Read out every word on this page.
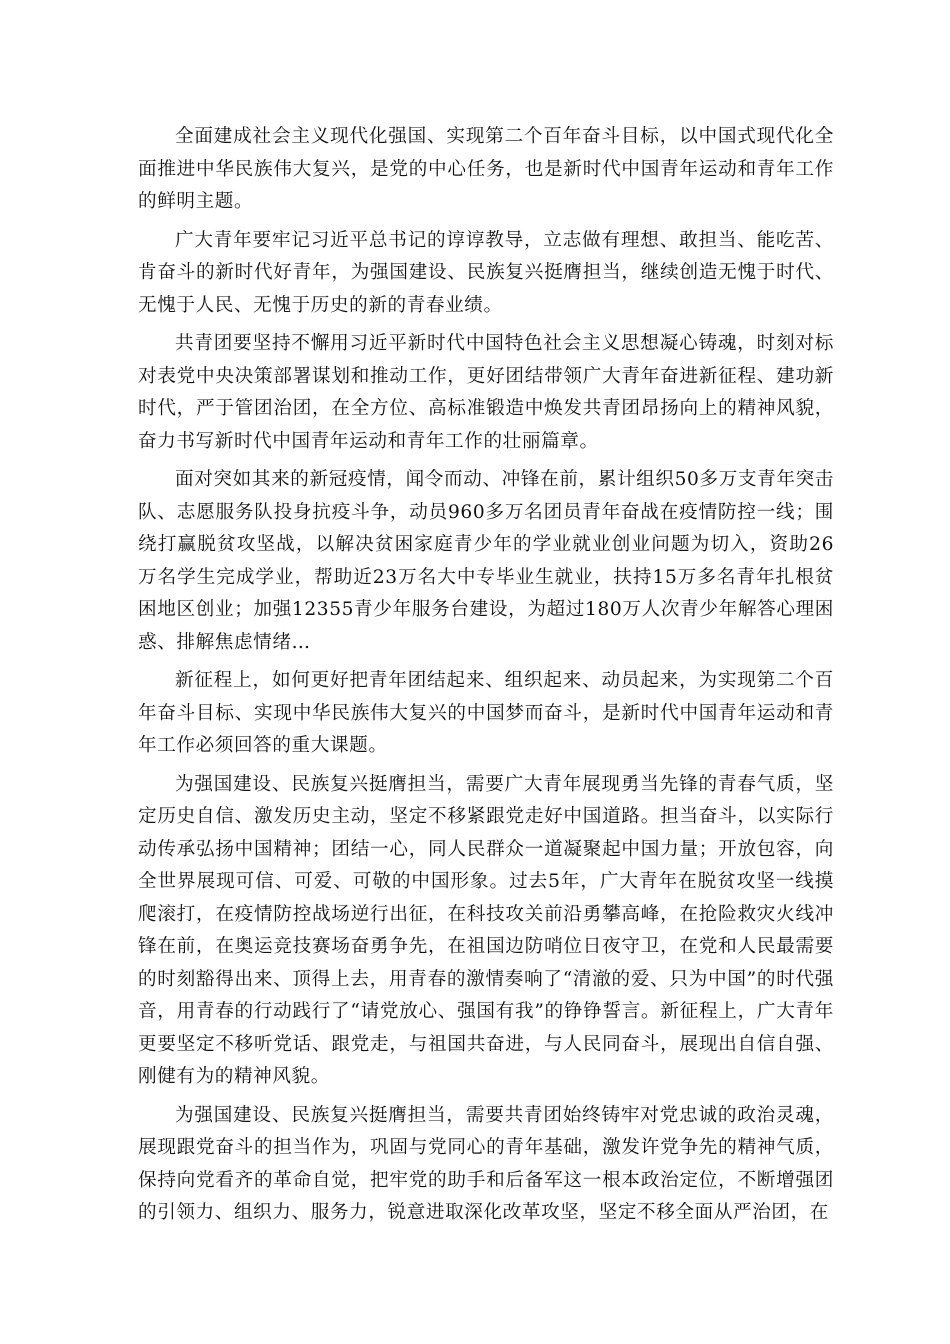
全面建成社会主义现代化强国、实现第二个百年奋斗目标，以中国式现代化全面推进中华民族伟大复兴，是党的中心任务，也是新时代中国青年运动和青年工作的鲜明主题。

广大青年要牢记习近平总书记的谆谆教导，立志做有理想、敢担当、能吃苦、肯奋斗的新时代好青年，为强国建设、民族复兴挺膺担当，继续创造无愧于时代、无愧于人民、无愧于历史的新的青春业绩。

共青团要坚持不懈用习近平新时代中国特色社会主义思想凝心铸魂，时刻对标对表党中央决策部署谋划和推动工作，更好团结带领广大青年奋进新征程、建功新时代，严于管团治团，在全方位、高标准锻造中焕发共青团昂扬向上的精神风貌，奋力书写新时代中国青年运动和青年工作的壮丽篇章。

面对突如其来的新冠疫情，闻令而动、冲锋在前，累计组织50多万支青年突击队、志愿服务队投身抗疫斗争，动员960多万名团员青年奋战在疫情防控一线；围绕打赢脱贫攻坚战，以解决贫困家庭青少年的学业就业创业问题为切入，资助26万名学生完成学业，帮助近23万名大中专毕业生就业，扶持15万多名青年扎根贫困地区创业；加强12355青少年服务台建设，为超过180万人次青少年解答心理困惑、排解焦虑情绪…

新征程上，如何更好把青年团结起来、组织起来、动员起来，为实现第二个百年奋斗目标、实现中华民族伟大复兴的中国梦而奋斗，是新时代中国青年运动和青年工作必须回答的重大课题。

为强国建设、民族复兴挺膺担当，需要广大青年展现勇当先锋的青春气质，坚定历史自信、激发历史主动，坚定不移紧跟党走好中国道路。担当奋斗，以实际行动传承弘扬中国精神；团结一心，同人民群众一道凝聚起中国力量；开放包容，向全世界展现可信、可爱、可敬的中国形象。过去5年，广大青年在脱贫攻坚一线摸爬滚打，在疫情防控战场逆行出征，在科技攻关前沿勇攀高峰，在抢险救灾火线冲锋在前，在奥运竞技赛场奋勇争先，在祖国边防哨位日夜守卫，在党和人民最需要的时刻豁得出来、顶得上去，用青春的激情奏响了“清澈的爱、只为中国”的时代强音，用青春的行动践行了“请党放心、强国有我”的铮铮誓言。新征程上，广大青年更要坚定不移听党话、跟党走，与祖国共奋进，与人民同奋斗，展现出自信自强、刚健有为的精神风貌。

为强国建设、民族复兴挺膺担当，需要共青团始终铸牢对党忠诚的政治灵魂，展现跟党奋斗的担当作为，巩固与党同心的青年基础，激发许党争先的精神气质，保持向党看齐的革命自觉，把牢党的助手和后备军这一根本政治定位，不断增强团的引领力、组织力、服务力，锐意进取深化改革攻坚，坚定不移全面从严治团，在
